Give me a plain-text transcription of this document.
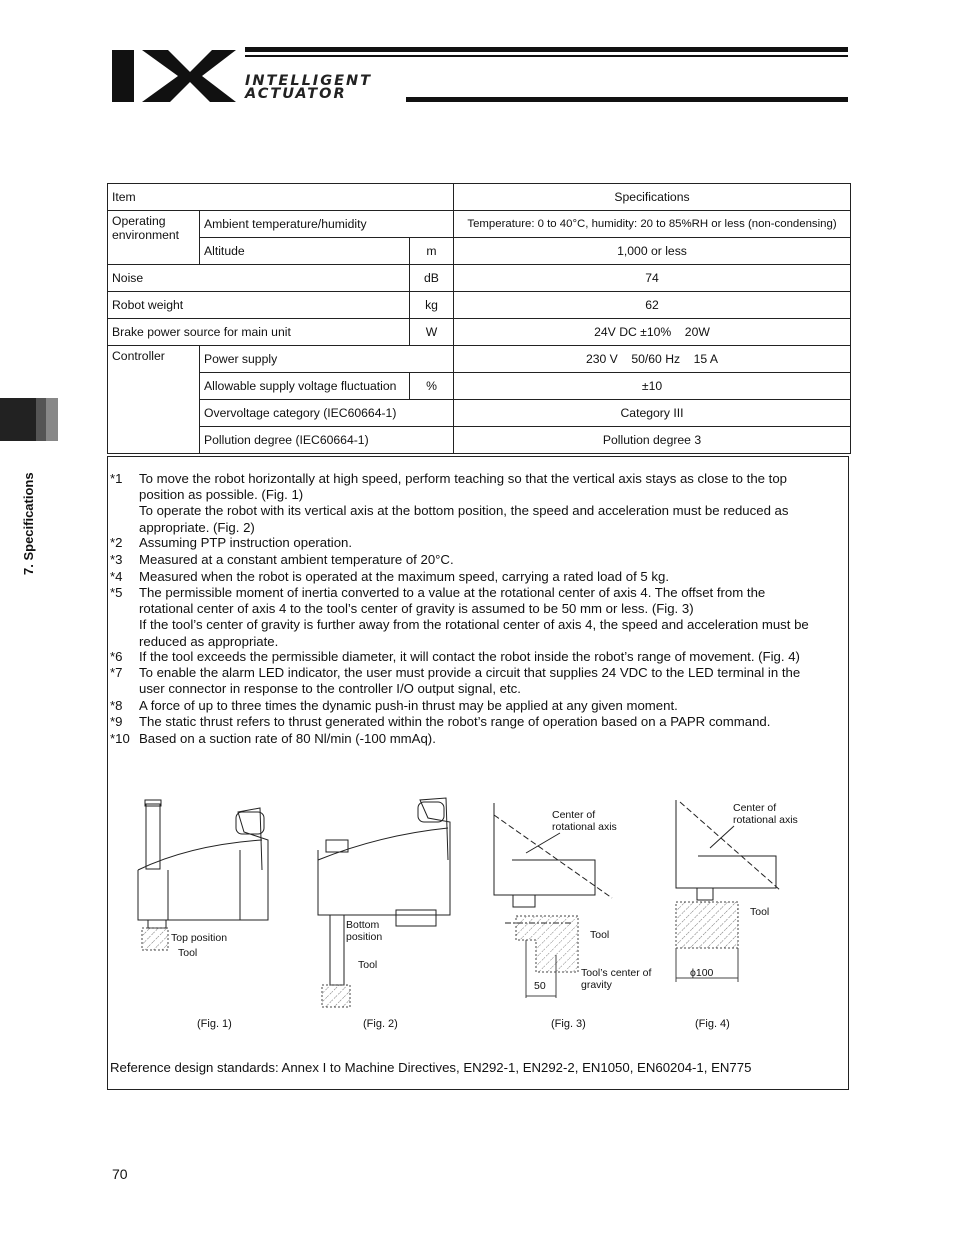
INTELLIGENT
ACTUATOR
7. Specifications
Item			Specifications
Operating environment	Ambient temperature/humidity		Temperature: 0 to 40°C, humidity: 20 to 85%RH or less (non-condensing)
	Altitude	m	1,000 or less
Noise		dB	74
Robot weight		kg	62
Brake power source for main unit		W	24V DC ±10%    20W
Controller	Power supply		230 V    50/60 Hz    15 A
	Allowable supply voltage fluctuation	%	±10
	Overvoltage category (IEC60664-1)		Category III
	Pollution degree (IEC60664-1)		Pollution degree 3
*1 To move the robot horizontally at high speed, perform teaching so that the vertical axis stays as close to the top
position as possible. (Fig. 1)
To operate the robot with its vertical axis at the bottom position, the speed and acceleration must be reduced as
appropriate. (Fig. 2)
*2 Assuming PTP instruction operation.
*3 Measured at a constant ambient temperature of 20°C.
*4 Measured when the robot is operated at the maximum speed, carrying a rated load of 5 kg.
*5 The permissible moment of inertia converted to a value at the rotational center of axis 4. The offset from the
rotational center of axis 4 to the tool’s center of gravity is assumed to be 50 mm or less. (Fig. 3)
If the tool’s center of gravity is further away from the rotational center of axis 4, the speed and acceleration must be
reduced as appropriate.
*6 If the tool exceeds the permissible diameter, it will contact the robot inside the robot’s range of movement. (Fig. 4)
*7 To enable the alarm LED indicator, the user must provide a circuit that supplies 24 VDC to the LED terminal in the
user connector in response to the controller I/O output signal, etc.
*8 A force of up to three times the dynamic push-in thrust may be applied at any given moment.
*9 The static thrust refers to thrust generated within the robot’s range of operation based on a PAPR command.
*10 Based on a suction rate of 80 Nl/min (-100 mmAq).
Top position
Tool
Bottom
position
Tool
Center of
rotational axis
Tool
Tool’s center of
gravity
50
Center of
rotational axis
Tool
ϕ100
(Fig. 1)	(Fig. 2)	(Fig. 3)	(Fig. 4)
Reference design standards: Annex I to Machine Directives, EN292-1, EN292-2, EN1050, EN60204-1, EN775
70
